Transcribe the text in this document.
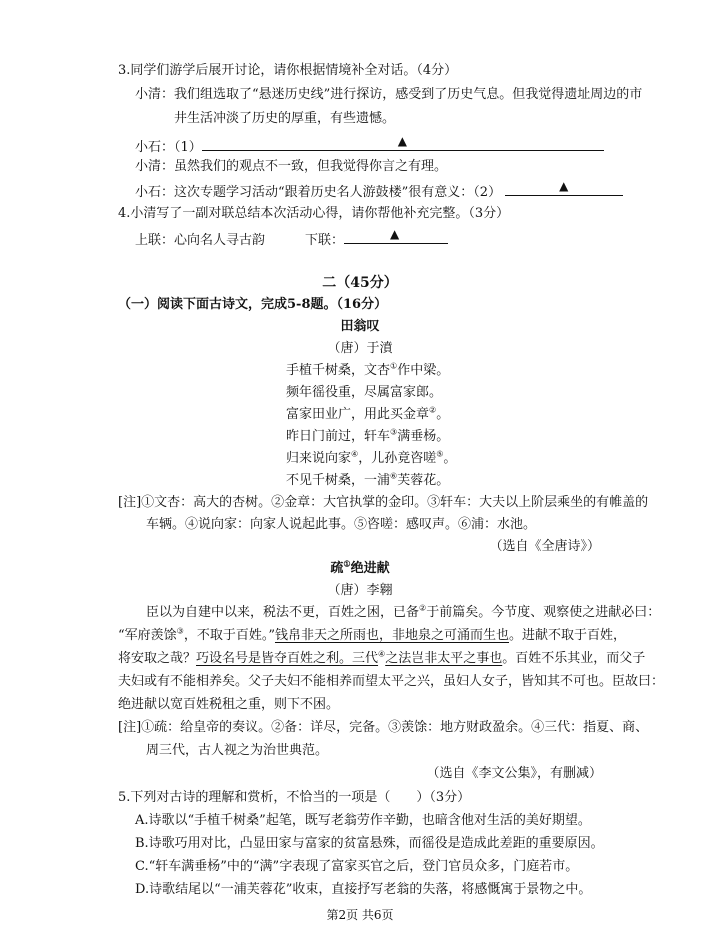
3.同学们游学后展开讨论，请你根据情境补全对话。（4分）
小清：我们组选取了“悬迷历史线”进行探访，感受到了历史气息。但我觉得遗址周边的市
井生活冲淡了历史的厚重，有些遗憾。
小石：（1）	▲
小清：虽然我们的观点不一致，但我觉得你言之有理。
小石：这次专题学习活动“跟着历史名人游鼓楼”很有意义：（2）	▲
4.小清写了一副对联总结本次活动心得，请你帮他补充完整。（3分）
上联：心向名人寻古韵	下联：	▲
二（45分）
（一）阅读下面古诗文，完成5-8题。（16分）
田翁叹
（唐）于濆
手植千树桑，文杏①作中梁。
频年徭役重，尽属富家郎。
富家田业广，用此买金章②。
昨日门前过，轩车③满垂杨。
归来说向家④，儿孙竟咨嗟⑤。
不见千树桑，一浦⑥芙蓉花。
[注]①文杏：高大的杏树。②金章：大官执掌的金印。③轩车：大夫以上阶层乘坐的有帷盖的
车辆。④说向家：向家人说起此事。⑤咨嗟：感叹声。⑥浦：水池。
（选自《全唐诗》）
疏①绝进献
（唐）李翱
臣以为自建中以来，税法不更，百姓之困，已备②于前篇矣。今节度、观察使之进献必曰：
“军府羡馀③，不取于百姓。”钱帛非天之所雨也，非地泉之可涌而生也。进献不取于百姓，
将安取之哉？巧设名号是皆夺百姓之利。三代④之法岂非太平之事也。百姓不乐其业，而父子
夫妇或有不能相养矣。父子夫妇不能相养而望太平之兴，虽妇人女子，皆知其不可也。臣故曰：
绝进献以宽百姓税租之重，则下不困。
[注]①疏：给皇帝的奏议。②备：详尽，完备。③羡馀：地方财政盈余。④三代：指夏、商、
周三代，古人视之为治世典范。
（选自《李文公集》，有删减）
5.下列对古诗的理解和赏析，不恰当的一项是（　　）（3分）
A.诗歌以“手植千树桑”起笔，既写老翁劳作辛勤，也暗含他对生活的美好期望。
B.诗歌巧用对比，凸显田家与富家的贫富悬殊，而徭役是造成此差距的重要原因。
C.“轩车满垂杨”中的“满”字表现了富家买官之后，登门官员众多，门庭若市。
D.诗歌结尾以“一浦芙蓉花”收束，直接抒写老翁的失落，将感慨寓于景物之中。
第2页 共6页
